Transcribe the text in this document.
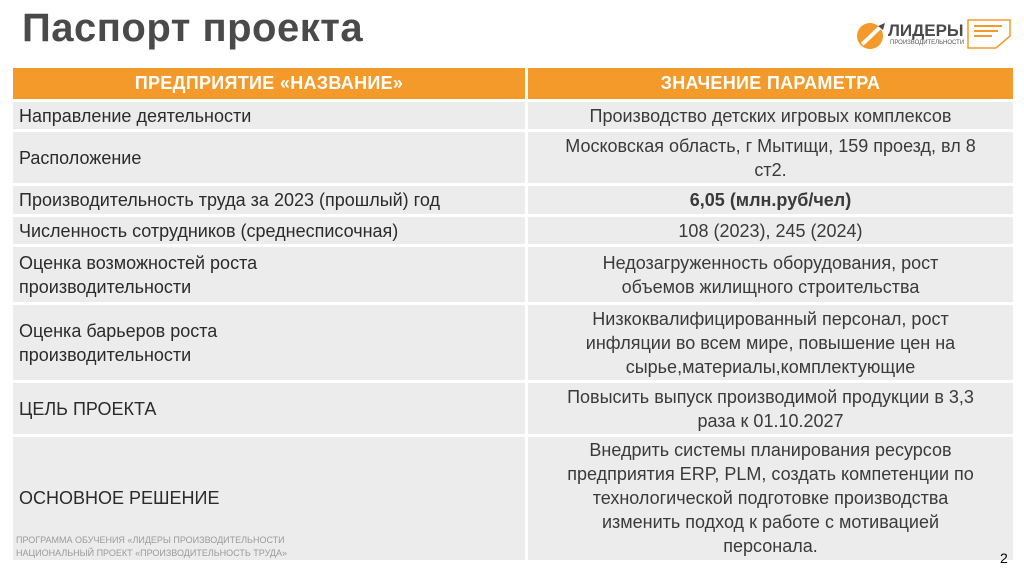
Паспорт проекта	ЛИДЕРЫ
ПРОИЗВОДИТЕЛЬНОСТИ
ПРЕДПРИЯТИЕ «НАЗВАНИЕ»	ЗНАЧЕНИЕ ПАРАМЕТРА

Направление деятельности	Производство детских игровых комплексов

Расположение	Московская область, г Мытищи, 159 проезд, вл 8
ст2.

Производительность труда за 2023 (прошлый) год	6,05 (млн.руб/чел)

Численность сотрудников (среднесписочная)	108 (2023), 245 (2024)

Оценка возможностей роста
производительности	Недозагруженность оборудования, рост
объемов жилищного строительства

Оценка барьеров роста
производительности	Низкоквалифицированный персонал, рост
инфляции во всем мире, повышение цен на
сырье,материалы,комплектующие

ЦЕЛЬ ПРОЕКТА	Повысить выпуск производимой продукции в 3,3
раза к 01.10.2027

ОСНОВНОЕ РЕШЕНИЕ	Внедрить системы планирования ресурсов
предприятия ERP, PLM, создать компетенции по
технологической подготовке производства
изменить подход к работе с мотивацией
персонала.
ПРОГРАММА ОБУЧЕНИЯ «ЛИДЕРЫ ПРОИЗВОДИТЕЛЬНОСТИ
НАЦИОНАЛЬНЫЙ ПРОЕКТ «ПРОИЗВОДИТЕЛЬНОСТЬ ТРУДА»	2
